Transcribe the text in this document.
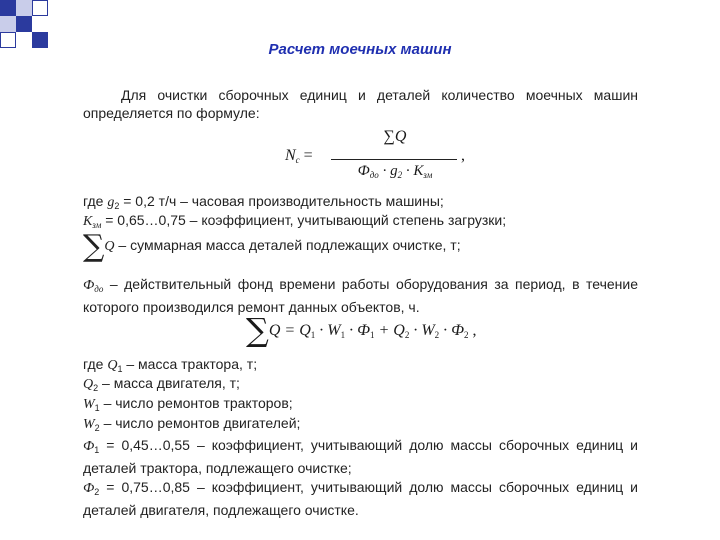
Расчет моечных машин
Для очистки сборочных единиц и деталей количество моечных машин определяется по формуле:
$N_с$ =
∑Q
$Ф_{до} \cdot g_2 \cdot К_{зм}$
,
где $g_2 = 0,2$ т/ч – часовая производительность машины;
$К_{зм}$ = 0,65…0,75 – коэффициент, учитывающий степень загрузки;
∑Q – суммарная масса деталей подлежащих очистке, т;
$Ф_{до}$ – действительный фонд времени работы оборудования за период, в течение которого производился ремонт данных объектов, ч.
$\sum Q = Q_1 \cdot W_1 \cdot Ф_1 + Q_2 \cdot W_2 \cdot Ф_2$ ,
где $Q_1$ – масса трактора, т;
$Q_2$ – масса двигателя, т;
$W_1$ – число ремонтов тракторов;
$W_2$ – число ремонтов двигателей;
$Ф_1$ = 0,45…0,55 – коэффициент, учитывающий долю массы сборочных единиц и деталей трактора, подлежащего очистке;
$Ф_2$ = 0,75…0,85 – коэффициент, учитывающий долю массы сборочных единиц и деталей двигателя, подлежащего очистке.
